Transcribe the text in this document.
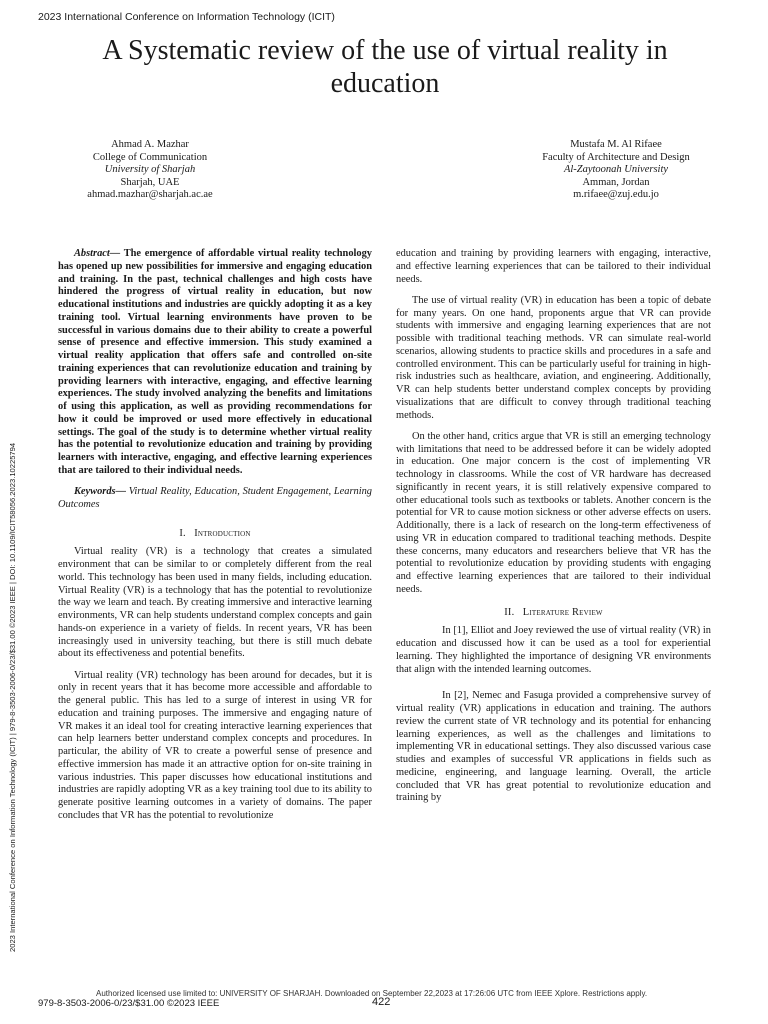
2023 International Conference on Information Technology (ICIT)
A Systematic review of the use of virtual reality in
education
Ahmad A. Mazhar
College of Communication
University of Sharjah
Sharjah, UAE
ahmad.mazhar@sharjah.ac.ae
Mustafa M. Al Rifaee
Faculty of Architecture and Design
Al-Zaytoonah University
Amman, Jordan
m.rifaee@zuj.edu.jo

Abstract— The emergence of affordable virtual reality technology has opened up new possibilities for immersive and engaging education and training. In the past, technical challenges and high costs have hindered the progress of virtual reality in education, but now educational institutions and industries are quickly adopting it as a key training tool. Virtual learning environments have proven to be successful in various domains due to their ability to create a powerful sense of presence and effective immersion. This study examined a virtual reality application that offers safe and controlled on-site training experiences that can revolutionize education and training by providing learners with interactive, engaging, and effective learning experiences. The study involved analyzing the benefits and limitations of using this application, as well as providing recommendations for how it could be improved or used more effectively in educational settings. The goal of the study is to determine whether virtual reality has the potential to revolutionize education and training by providing learners with interactive, engaging, and effective learning experiences that are tailored to their individual needs.

Keywords— Virtual Reality, Education, Student Engagement, Learning Outcomes

I. Introduction

Virtual reality (VR) is a technology that creates a simulated environment that can be similar to or completely different from the real world. This technology has been used in many fields, including education. Virtual Reality (VR) is a technology that has the potential to revolutionize the way we learn and teach. By creating immersive and interactive learning environments, VR can help students understand complex concepts and gain hands-on experience in a variety of fields. In recent years, VR has been increasingly used in university teaching, but there is still much debate about its effectiveness and potential benefits.

Virtual reality (VR) technology has been around for decades, but it is only in recent years that it has become more accessible and affordable to the general public. This has led to a surge of interest in using VR for education and training purposes. The immersive and engaging nature of VR makes it an ideal tool for creating interactive learning experiences that can help learners better understand complex concepts and procedures. In particular, the ability of VR to create a powerful sense of presence and effective immersion has made it an attractive option for on-site training in various industries. This paper discusses how educational institutions and industries are rapidly adopting VR as a key training tool due to its ability to generate positive learning outcomes in a variety of domains. The paper concludes that VR has the potential to revolutionize

education and training by providing learners with engaging, interactive, and effective learning experiences that can be tailored to their individual needs.

The use of virtual reality (VR) in education has been a topic of debate for many years. On one hand, proponents argue that VR can provide students with immersive and engaging learning experiences that are not possible with traditional teaching methods. VR can simulate real-world scenarios, allowing students to practice skills and procedures in a safe and controlled environment. This can be particularly useful for training in high-risk industries such as healthcare, aviation, and engineering. Additionally, VR can help students better understand complex concepts by providing visualizations that are difficult to convey through traditional teaching methods.

On the other hand, critics argue that VR is still an emerging technology with limitations that need to be addressed before it can be widely adopted in education. One major concern is the cost of implementing VR technology in classrooms. While the cost of VR hardware has decreased significantly in recent years, it is still relatively expensive compared to other educational tools such as textbooks or tablets. Another concern is the potential for VR to cause motion sickness or other adverse effects on users. Additionally, there is a lack of research on the long-term effectiveness of using VR in education compared to traditional teaching methods. Despite these concerns, many educators and researchers believe that VR has the potential to revolutionize education by providing students with engaging and effective learning experiences that are tailored to their individual needs.

II. Literature Review

In [1], Elliot and Joey reviewed the use of virtual reality (VR) in education and discussed how it can be used as a tool for experiential learning. They highlighted the importance of designing VR environments that align with the intended learning outcomes.

In [2], Nemec and Fasuga provided a comprehensive survey of virtual reality (VR) applications in education and training. The authors review the current state of VR technology and its potential for enhancing learning experiences, as well as the challenges and limitations to implementing VR in educational settings. They also discussed various case studies and examples of successful VR applications in fields such as medicine, engineering, and language learning. Overall, the article concluded that VR has great potential to revolutionize education and training by

2023 International Conference on Information Technology (ICIT) | 979-8-3503-2006-0/23/$31.00 ©2023 IEEE | DOI: 10.1109/ICIT58056.2023.10225794
Authorized licensed use limited to: UNIVERSITY OF SHARJAH. Downloaded on September 22,2023 at 17:26:06 UTC from IEEE Xplore. Restrictions apply.
979-8-3503-2006-0/23/$31.00 ©2023 IEEE	422
